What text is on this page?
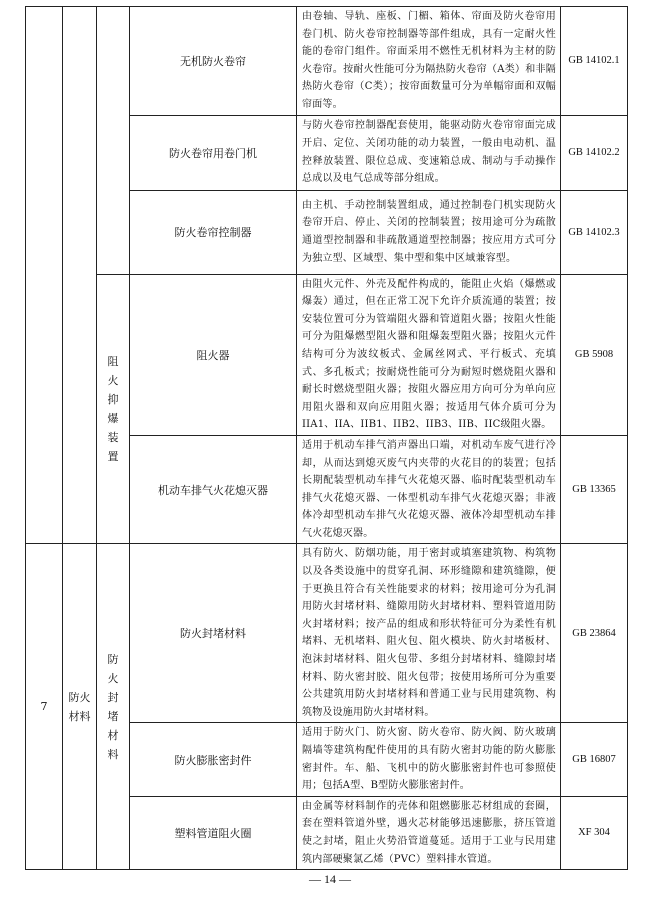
			无机防火卷帘	由卷轴、导轨、座板、门楣、箱体、帘面及防火卷帘用卷门机、防火卷帘控制器等部件组成，具有一定耐火性能的卷帘门组件。帘面采用不燃性无机材料为主材的防火卷帘。按耐火性能可分为隔热防火卷帘（A类）和非隔热防火卷帘（C类）；按帘面数量可分为单幅帘面和双幅帘面等。	GB 14102.1
			防火卷帘用卷门机	与防火卷帘控制器配套使用，能驱动防火卷帘帘面完成开启、定位、关闭功能的动力装置，一般由电动机、温控释放装置、限位总成、变速箱总成、制动与手动操作总成以及电气总成等部分组成。	GB 14102.2
			防火卷帘控制器	由主机、手动控制装置组成，通过控制卷门机实现防火卷帘开启、停止、关闭的控制装置；按用途可分为疏散通道型控制器和非疏散通道型控制器；按应用方式可分为独立型、区域型、集中型和集中区域兼容型。	GB 14102.3
		阻火抑爆装置	阻火器	由阻火元件、外壳及配件构成的，能阻止火焰（爆燃或爆轰）通过，但在正常工况下允许介质流通的装置；按安装位置可分为管端阻火器和管道阻火器；按阻火性能可分为阻爆燃型阻火器和阻爆轰型阻火器；按阻火元件结构可分为波纹板式、金属丝网式、平行板式、充填式、多孔板式；按耐烧性能可分为耐短时燃烧阻火器和耐长时燃烧型阻火器；按阻火器应用方向可分为单向应用阻火器和双向应用阻火器；按适用气体介质可分为IIA1、IIA、IIB1、IIB2、IIB3、IIB、IIC级阻火器。	GB 5908
			机动车排气火花熄灭器	适用于机动车排气消声器出口端，对机动车废气进行冷却，从而达到熄灭废气内夹带的火花目的的装置；包括长期配装型机动车排气火花熄灭器、临时配装型机动车排气火花熄灭器、一体型机动车排气火花熄灭器；非液体冷却型机动车排气火花熄灭器、液体冷却型机动车排气火花熄灭器。	GB 13365
7	防火材料	防火封堵材料	防火封堵材料	具有防火、防烟功能，用于密封或填塞建筑物、构筑物以及各类设施中的贯穿孔洞、环形缝隙和建筑缝隙，便于更换且符合有关性能要求的材料；按用途可分为孔洞用防火封堵材料、缝隙用防火封堵材料、塑料管道用防火封堵材料；按产品的组成和形状特征可分为柔性有机堵料、无机堵料、阻火包、阻火模块、防火封堵板材、泡沫封堵材料、阻火包带、多组分封堵材料、缝隙封堵材料、防火密封胶、阻火包带；按使用场所可分为重要公共建筑用防火封堵材料和普通工业与民用建筑物、构筑物及设施用防火封堵材料。	GB 23864
			防火膨胀密封件	适用于防火门、防火窗、防火卷帘、防火阀、防火玻璃隔墙等建筑构配件使用的具有防火密封功能的防火膨胀密封件。车、船、飞机中的防火膨胀密封件也可参照使用；包括A型、B型防火膨胀密封件。	GB 16807
			塑料管道阻火圈	由金属等材料制作的壳体和阻燃膨胀芯材组成的套圈，套在塑料管道外壁，遇火芯材能够迅速膨胀，挤压管道使之封堵，阻止火势沿管道蔓延。适用于工业与民用建筑内部硬聚氯乙烯（PVC）塑料排水管道。	XF 304
— 14 —
